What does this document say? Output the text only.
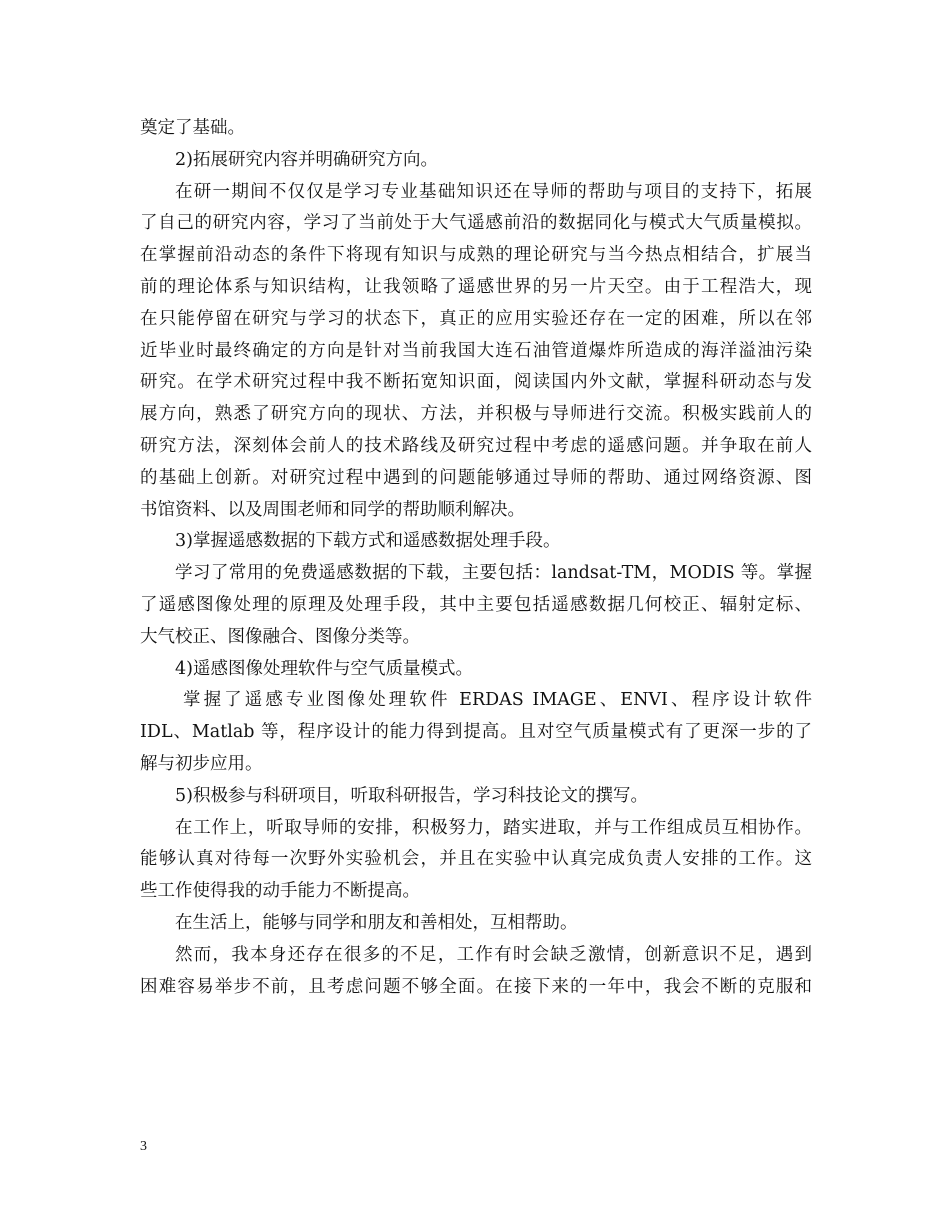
奠定了基础。
2)拓展研究内容并明确研究方向。
在研一期间不仅仅是学习专业基础知识还在导师的帮助与项目的支持下，拓展
了自己的研究内容，学习了当前处于大气遥感前沿的数据同化与模式大气质量模拟。
在掌握前沿动态的条件下将现有知识与成熟的理论研究与当今热点相结合，扩展当
前的理论体系与知识结构，让我领略了遥感世界的另一片天空。由于工程浩大，现
在只能停留在研究与学习的状态下，真正的应用实验还存在一定的困难，所以在邻
近毕业时最终确定的方向是针对当前我国大连石油管道爆炸所造成的海洋溢油污染
研究。在学术研究过程中我不断拓宽知识面，阅读国内外文献，掌握科研动态与发
展方向，熟悉了研究方向的现状、方法，并积极与导师进行交流。积极实践前人的
研究方法，深刻体会前人的技术路线及研究过程中考虑的遥感问题。并争取在前人
的基础上创新。对研究过程中遇到的问题能够通过导师的帮助、通过网络资源、图
书馆资料、以及周围老师和同学的帮助顺利解决。
3)掌握遥感数据的下载方式和遥感数据处理手段。
学习了常用的免费遥感数据的下载，主要包括：landsat-TM，MODIS 等。掌握
了遥感图像处理的原理及处理手段，其中主要包括遥感数据几何校正、辐射定标、
大气校正、图像融合、图像分类等。
4)遥感图像处理软件与空气质量模式。
掌握了遥感专业图像处理软件 ERDAS IMAGE、ENVI、程序设计软件
IDL、Matlab 等，程序设计的能力得到提高。且对空气质量模式有了更深一步的了
解与初步应用。
5)积极参与科研项目，听取科研报告，学习科技论文的撰写。
在工作上，听取导师的安排，积极努力，踏实进取，并与工作组成员互相协作。
能够认真对待每一次野外实验机会，并且在实验中认真完成负责人安排的工作。这
些工作使得我的动手能力不断提高。
在生活上，能够与同学和朋友和善相处，互相帮助。
然而，我本身还存在很多的不足，工作有时会缺乏激情，创新意识不足，遇到
困难容易举步不前，且考虑问题不够全面。在接下来的一年中，我会不断的克服和
3
